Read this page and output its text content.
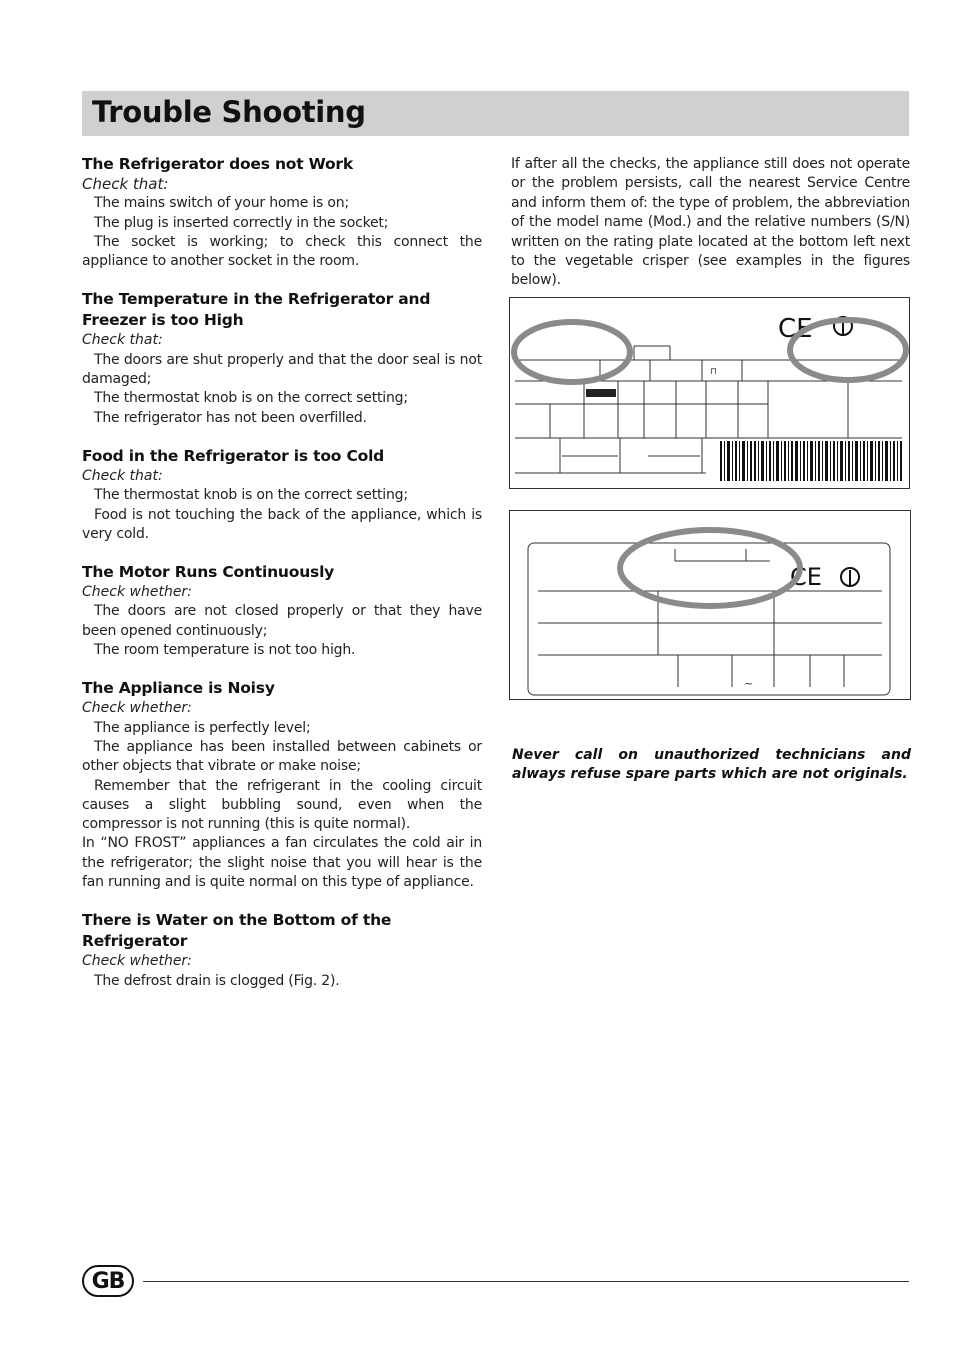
Trouble Shooting
The Refrigerator does not Work
Check that:

The mains switch of your home is on;

The plug is inserted correctly in the socket;

The socket is working; to check this connect the appliance to another socket in the room.

The Temperature in the Refrigerator and Freezer is too High
Check that:

The doors are shut properly and that the door seal is not damaged;

The thermostat knob is on the correct setting;

The refrigerator has not been overfilled.

Food in the Refrigerator is too Cold
Check that:

The thermostat knob is on the correct setting;

Food is not touching the back of the appliance, which is very cold.

The Motor Runs Continuously
Check whether:

The doors are not closed properly or that they have been opened continuously;

The room temperature is not too high.

The Appliance is Noisy
Check whether:

The appliance is perfectly level;

The appliance has been installed between cabinets or other objects that vibrate or make noise;

Remember that the refrigerant in the cooling circuit causes a slight bubbling sound, even when the compressor is not running (this is quite normal).

In “NO FROST” appliances a fan circulates the cold air in the refrigerator; the slight noise that you will hear is the fan running and is quite normal on this type of appliance.

There is Water on the Bottom of the Refrigerator
Check whether:

The defrost drain is clogged (Fig. 2).

If after all the checks, the appliance still does not operate or the problem persists, call the nearest Service Centre and inform them of: the type of problem, the abbreviation of the model name (Mod.) and the relative numbers (S/N) written on the rating plate located at the bottom left next to the vegetable crisper (see examples in the figures below).

⊓
CE
CE
~

Never call on unauthorized technicians and always refuse spare parts which are not originals.

GB
